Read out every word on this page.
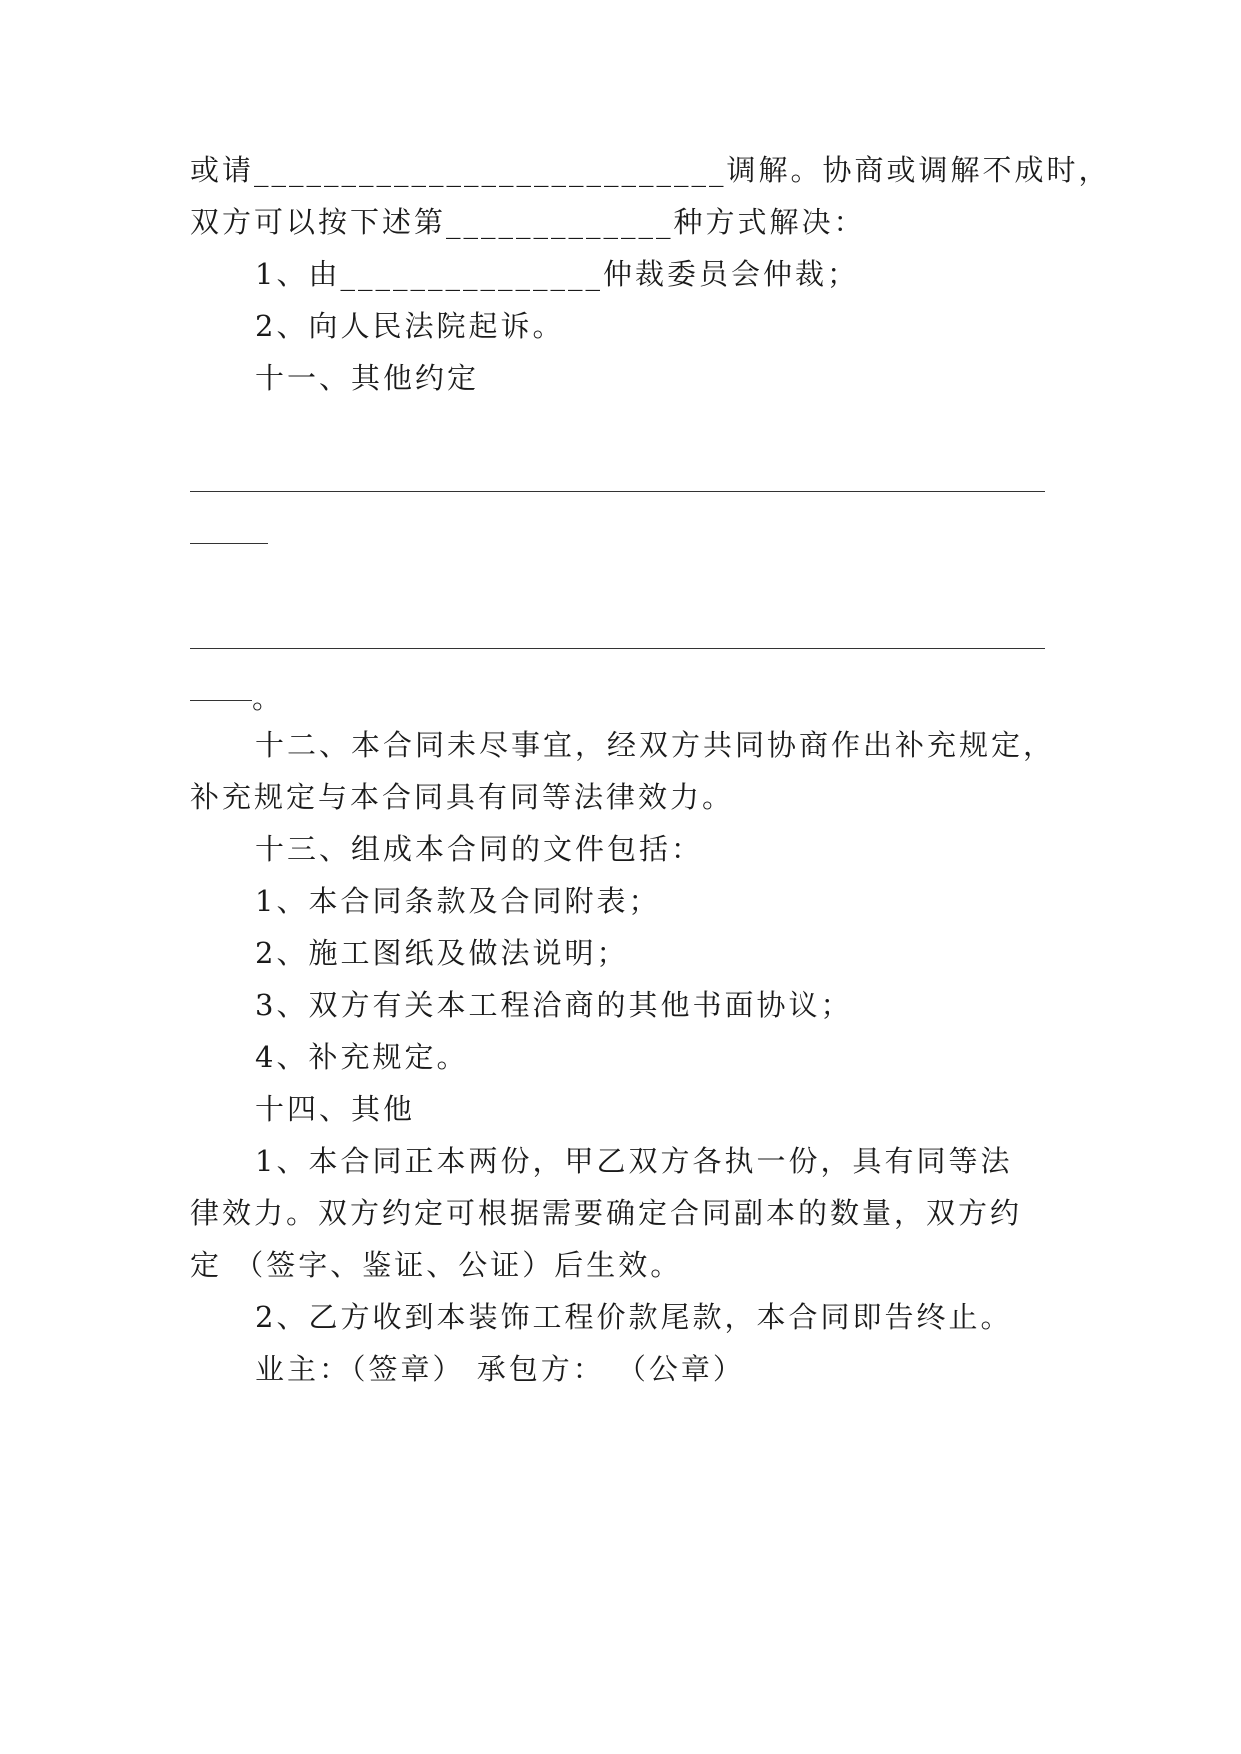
或请___________________________调解。协商或调解不成时，
双方可以按下述第_____________种方式解决：
1、由_______________仲裁委员会仲裁；
2、向人民法院起诉。
十一、其他约定
。
十二、本合同未尽事宜，经双方共同协商作出补充规定，
补充规定与本合同具有同等法律效力。
十三、组成本合同的文件包括：
1、本合同条款及合同附表；
2、施工图纸及做法说明；
3、双方有关本工程洽商的其他书面协议；
4、补充规定。
十四、其他
1、本合同正本两份，甲乙双方各执一份，具有同等法
律效力。双方约定可根据需要确定合同副本的数量，双方约
定 （签字、鉴证、公证）后生效。
2、乙方收到本装饰工程价款尾款，本合同即告终止。
业主：（签章） 承包方： （公章）
